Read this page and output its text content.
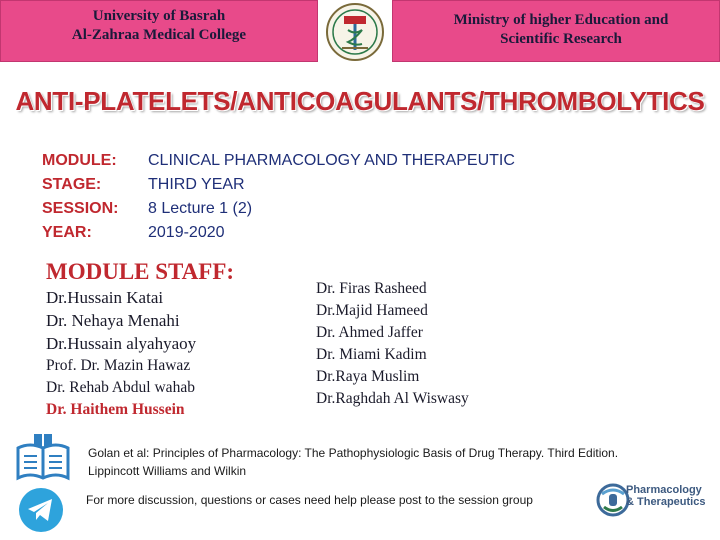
University of Basrah
Al-Zahraa Medical College
Ministry of higher Education and
Scientific Research
ANTI-PLATELETS/ANTICOAGULANTS/THROMBOLYTICS
MODULE:	CLINICAL PHARMACOLOGY AND THERAPEUTIC
STAGE:	THIRD YEAR
SESSION:	8 Lecture 1 (2)
YEAR:	2019-2020
MODULE STAFF:
Dr.Hussain Katai
Dr. Nehaya Menahi
Dr.Hussain alyahyaoy
Prof. Dr. Mazin Hawaz
Dr. Rehab Abdul wahab
Dr. Haithem Hussein
Dr. Firas Rasheed
Dr.Majid Hameed
Dr. Ahmed Jaffer
Dr. Miami Kadim
Dr.Raya Muslim
Dr.Raghdah Al Wiswasy
Golan et al: Principles of Pharmacology: The Pathophysiologic Basis of Drug Therapy. Third Edition.
Lippincott Williams and Wilkin
For more discussion, questions or cases need help please post to the session group
Pharmacology
& Therapeutics
